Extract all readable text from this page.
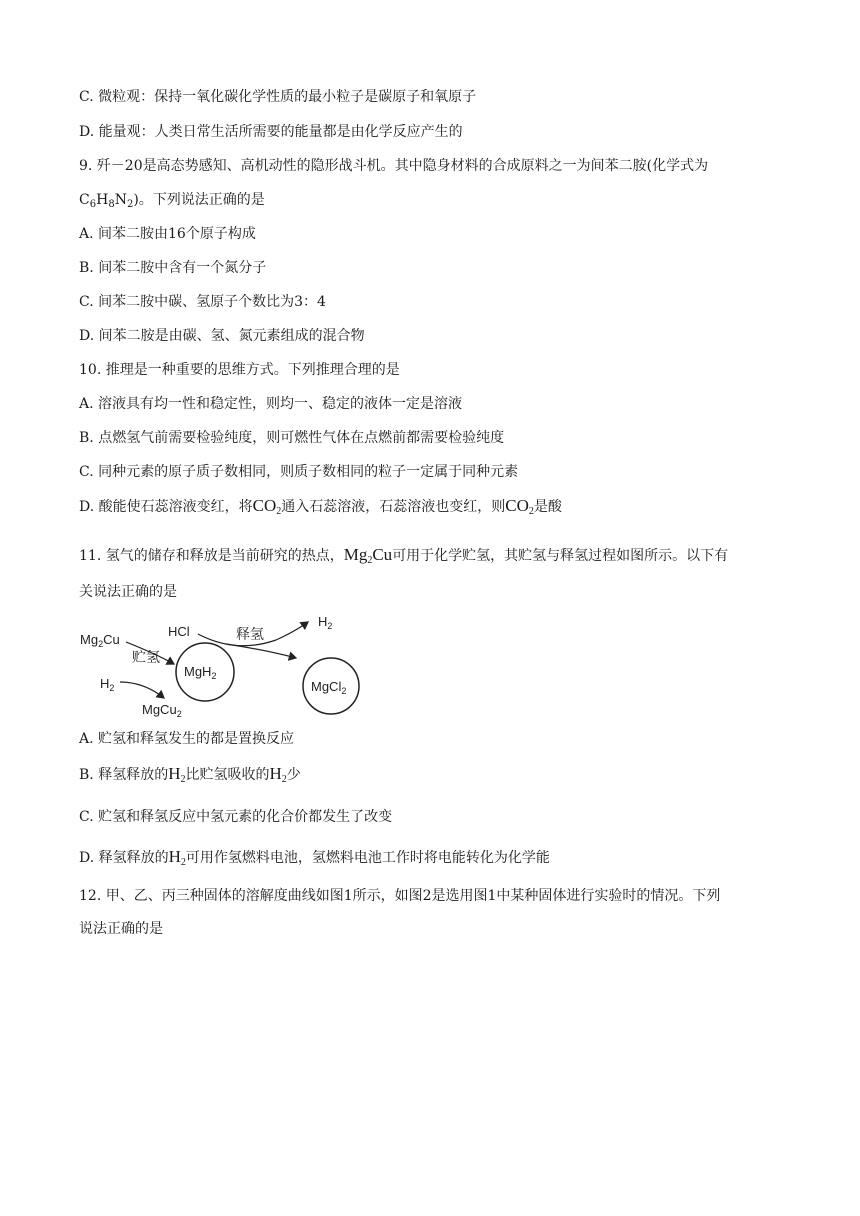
C. 微粒观：保持一氧化碳化学性质的最小粒子是碳原子和氧原子
D. 能量观：人类日常生活所需要的能量都是由化学反应产生的
9. 歼－20是高态势感知、高机动性的隐形战斗机。其中隐身材料的合成原料之一为间苯二胺(化学式为
$C_6H_8N_2$)。下列说法正确的是
A. 间苯二胺由16个原子构成
B. 间苯二胺中含有一个氮分子
C. 间苯二胺中碳、氢原子个数比为3：4
D. 间苯二胺是由碳、氢、氮元素组成的混合物
10. 推理是一种重要的思维方式。下列推理合理的是
A. 溶液具有均一性和稳定性，则均一、稳定的液体一定是溶液
B. 点燃氢气前需要检验纯度，则可燃性气体在点燃前都需要检验纯度
C. 同种元素的原子质子数相同，则质子数相同的粒子一定属于同种元素
D. 酸能使石蕊溶液变红，将$CO_2$通入石蕊溶液，石蕊溶液也变红，则$CO_2$是酸
11. 氢气的储存和释放是当前研究的热点，$Mg_2Cu$可用于化学贮氢，其贮氢与释氢过程如图所示。以下有
关说法正确的是
$Mg_2Cu$
贮氢
$H_2$
MgCu$_2$
MgH$_2$
HCl	释氢
$H_2$
MgCl$_2$
A. 贮氢和释氢发生的都是置换反应
B. 释氢释放的$H_2$比贮氢吸收的$H_2$少
C. 贮氢和释氢反应中氢元素的化合价都发生了改变
D. 释氢释放的$H_2$可用作氢燃料电池，氢燃料电池工作时将电能转化为化学能
12. 甲、乙、丙三种固体的溶解度曲线如图1所示，如图2是选用图1中某种固体进行实验时的情况。下列
说法正确的是
